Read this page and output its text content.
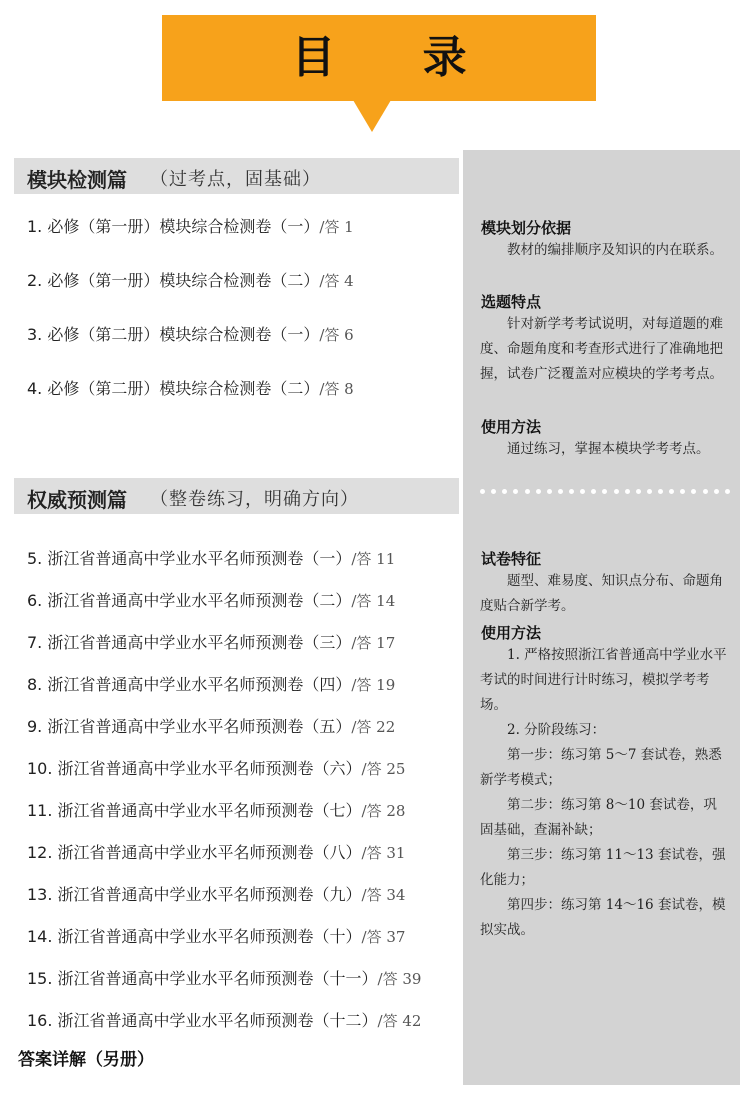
目 录
模块检测篇 （过考点，固基础）
1. 必修（第一册）模块综合检测卷（一）/答 1
2. 必修（第一册）模块综合检测卷（二）/答 4
3. 必修（第二册）模块综合检测卷（一）/答 6
4. 必修（第二册）模块综合检测卷（二）/答 8
权威预测篇 （整卷练习，明确方向）
5. 浙江省普通高中学业水平名师预测卷（一）/答 11
6. 浙江省普通高中学业水平名师预测卷（二）/答 14
7. 浙江省普通高中学业水平名师预测卷（三）/答 17
8. 浙江省普通高中学业水平名师预测卷（四）/答 19
9. 浙江省普通高中学业水平名师预测卷（五）/答 22
10. 浙江省普通高中学业水平名师预测卷（六）/答 25
11. 浙江省普通高中学业水平名师预测卷（七）/答 28
12. 浙江省普通高中学业水平名师预测卷（八）/答 31
13. 浙江省普通高中学业水平名师预测卷（九）/答 34
14. 浙江省普通高中学业水平名师预测卷（十）/答 37
15. 浙江省普通高中学业水平名师预测卷（十一）/答 39
16. 浙江省普通高中学业水平名师预测卷（十二）/答 42
答案详解（另册）
模块划分依据

教材的编排顺序及知识的内在联系。

选题特点

针对新学考考试说明，对每道题的难度、命题角度和考查形式进行了准确地把握，试卷广泛覆盖对应模块的学考考点。

使用方法

通过练习，掌握本模块学考考点。

试卷特征

题型、难易度、知识点分布、命题角度贴合新学考。

使用方法

1. 严格按照浙江省普通高中学业水平考试的时间进行计时练习，模拟学考考场。

2. 分阶段练习：

第一步：练习第 5～7 套试卷，熟悉新学考模式；

第二步：练习第 8～10 套试卷，巩固基础，查漏补缺；

第三步：练习第 11～13 套试卷，强化能力；

第四步：练习第 14～16 套试卷，模拟实战。
